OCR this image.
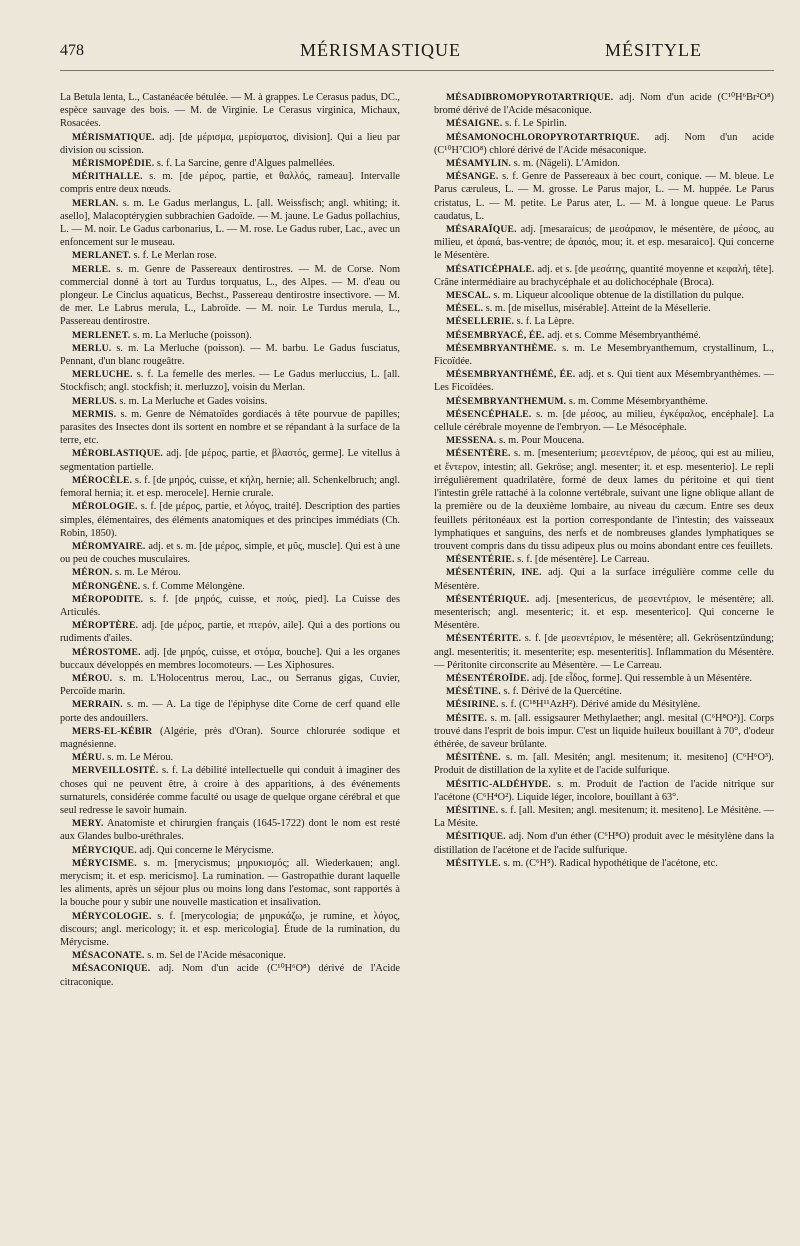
478	MÉRISMASTIQUE	MÉSITYLE

La Betula lenta, L., Castanéacée bétulée. — M. à grappes. Le Cerasus padus, DC., espèce sauvage des bois. — M. de Virginie. Le Cerasus virginica, Michaux, Rosacées.

MÉRISMATIQUE. adj. [de μέρισμα, μερίσματος, division]. Qui a lieu par division ou scission.

MÉRISMOPÉDIE. s. f. La Sarcine, genre d'Algues palmellées.

MÉRITHALLE. s. m. [de μέρος, partie, et θαλλός, rameau]. Intervalle compris entre deux nœuds.

MERLAN. s. m. Le Gadus merlangus, L. [all. Weissfisch; angl. whiting; it. asello], Malacoptérygien subbrachien Gadoïde. — M. jaune. Le Gadus pollachius, L. — M. noir. Le Gadus carbonarius, L. — M. rose. Le Gadus ruber, Lac., avec un enfoncement sur le museau.

MERLANET. s. f. Le Merlan rose.

MERLE. s. m. Genre de Passereaux dentirostres. — M. de Corse. Nom commercial donné à tort au Turdus torquatus, L., des Alpes. — M. d'eau ou plongeur. Le Cinclus aquaticus, Bechst., Passereau dentirostre insectivore. — M. de mer. Le Labrus merula, L., Labroïde. — M. noir. Le Turdus merula, L., Passereau dentirostre.

MERLENET. s. m. La Merluche (poisson).

MERLU. s. m. La Merluche (poisson). — M. barbu. Le Gadus fusciatus, Pennant, d'un blanc rougeâtre.

MERLUCHE. s. f. La femelle des merles. — Le Gadus merluccius, L. [all. Stockfisch; angl. stockfish; it. merluzzo], voisin du Merlan.

MERLUS. s. m. La Merluche et Gades voisins.

MERMIS. s. m. Genre de Nématoïdes gordiacés à tête pourvue de papilles; parasites des Insectes dont ils sortent en nombre et se répandant à la surface de la terre, etc.

MÉROBLASTIQUE. adj. [de μέρος, partie, et βλαστός, germe]. Le vitellus à segmentation partielle.

MÉROCÈLE. s. f. [de μηρός, cuisse, et κήλη, hernie; all. Schenkelbruch; angl. femoral hernia; it. et esp. merocele]. Hernie crurale.

MÉROLOGIE. s. f. [de μέρος, partie, et λόγος, traité]. Description des parties simples, élémentaires, des éléments anatomiques et des principes immédiats (Ch. Robin, 1850).

MÉROMYAIRE. adj. et s. m. [de μέρος, simple, et μῦς, muscle]. Qui est à une ou peu de couches musculaires.

MÉRON. s. m. Le Mérou.

MÉRONGÈNE. s. f. Comme Mélongène.

MÉROPODITE. s. f. [de μηρός, cuisse, et πούς, pied]. La Cuisse des Articulés.

MÉROPTÈRE. adj. [de μέρος, partie, et πτερόν, aile]. Qui a des portions ou rudiments d'ailes.

MÉROSTOME. adj. [de μηρός, cuisse, et στόμα, bouche]. Qui a les organes buccaux développés en membres locomoteurs. — Les Xiphosures.

MÉROU. s. m. L'Holocentrus merou, Lac., ou Serranus gigas, Cuvier, Percoïde marin.

MERRAIN. s. m. — A. La tige de l'épiphyse dite Corne de cerf quand elle porte des andouillers.

MERS-EL-KÉBIR (Algérie, près d'Oran). Source chlorurée sodique et magnésienne.

MÉRU. s. m. Le Mérou.

MERVEILLOSITÉ. s. f. La débilité intellectuelle qui conduit à imaginer des choses qui ne peuvent être, à croire à des apparitions, à des événements surnaturels, considérée comme faculté ou usage de quelque organe cérébral et que seul redresse le savoir humain.

MERY. Anatomiste et chirurgien français (1645-1722) dont le nom est resté aux Glandes bulbo-uréthrales.

MÉRYCIQUE. adj. Qui concerne le Mérycisme.

MÉRYCISME. s. m. [merycismus; μηρυκισμός; all. Wiederkauen; angl. merycism; it. et esp. mericismo]. La rumination. — Gastropathie durant laquelle les aliments, après un séjour plus ou moins long dans l'estomac, sont rapportés à la bouche pour y subir une nouvelle mastication et insalivation.

MÉRYCOLOGIE. s. f. [merycologia; de μηρυκάζω, je rumine, et λόγος, discours; angl. mericology; it. et esp. mericologia]. Étude de la rumination, du Mérycisme.

MÉSACONATE. s. m. Sel de l'Acide mésaconique.

MÉSACONIQUE. adj. Nom d'un acide (C¹⁰H⁶O⁸) dérivé de l'Acide citraconique.

MÉSADIBROMOPYROTARTRIQUE. adj. Nom d'un acide (C¹⁰H⁶Br²O⁸) bromé dérivé de l'Acide mésaconique.

MÉSAIGNE. s. f. Le Spirlin.

MÉSAMONOCHLOROPYROTARTRIQUE. adj. Nom d'un acide (C¹⁰H⁷ClO⁸) chloré dérivé de l'Acide mésaconique.

MÉSAMYLIN. s. m. (Nägeli). L'Amidon.

MÉSANGE. s. f. Genre de Passereaux à bec court, conique. — M. bleue. Le Parus cæruleus, L. — M. grosse. Le Parus major, L. — M. huppée. Le Parus cristatus, L. — M. petite. Le Parus ater, L. — M. à longue queue. Le Parus caudatus, L.

MÉSARAÏQUE. adj. [mesaraicus; de μεσάραιον, le mésentère, de μέσος, au milieu, et ἀραιά, bas-ventre; de ἀραιός, mou; it. et esp. mesaraico]. Qui concerne le Mésentère.

MÉSATICÉPHALE. adj. et s. [de μεσάτης, quantité moyenne et κεφαλή, tête]. Crâne intermédiaire au brachycéphale et au dolichocéphale (Broca).

MESCAL. s. m. Liqueur alcoolique obtenue de la distillation du pulque.

MÉSEL. s. m. [de misellus, misérable]. Atteint de la Mésellerie.

MÉSELLERIE. s. f. La Lèpre.

MÉSEMBRYACÉ, ÉE. adj. et s. Comme Mésembryanthémé.

MÉSEMBRYANTHÈME. s. m. Le Mesembryanthemum, crystallinum, L., Ficoïdée.

MÉSEMBRYANTHÉMÉ, ÉE. adj. et s. Qui tient aux Mésembryanthèmes. — Les Ficoïdées.

MÉSEMBRYANTHEMUM. s. m. Comme Mésembryanthème.

MÉSENCÉPHALE. s. m. [de μέσος, au milieu, ἐγκέφαλος, encéphale]. La cellule cérébrale moyenne de l'embryon. — Le Mésocéphale.

MESSENA. s. m. Pour Moucena.

MÉSENTÈRE. s. m. [mesenterium; μεσεντέριον, de μέσος, qui est au milieu, et ἔντερον, intestin; all. Gekröse; angl. mesenter; it. et esp. mesenterio]. Le repli irrégulièrement quadrilatère, formé de deux lames du péritoine et qui tient l'intestin grêle rattaché à la colonne vertébrale, suivant une ligne oblique allant de la première ou de la deuxième lombaire, au niveau du cæcum. Entre ses deux feuillets péritonéaux est la portion correspondante de l'intestin; des vaisseaux lymphatiques et sanguins, des nerfs et de nombreuses glandes lymphatiques se trouvent compris dans du tissu adipeux plus ou moins abondant entre ces feuillets.

MÉSENTÉRIE. s. f. [de mésentère]. Le Carreau.

MÉSENTÉRIN, INE. adj. Qui a la surface irrégulière comme celle du Mésentère.

MÉSENTÉRIQUE. adj. [mesentericus, de μεσεντέριον, le mésentère; all. mesenterisch; angl. mesenteric; it. et esp. mesenterico]. Qui concerne le Mésentère.

MÉSENTÉRITE. s. f. [de μεσεντέριον, le mésentère; all. Gekrösentzündung; angl. mesenteritis; it. mesenterite; esp. mesenteritis]. Inflammation du Mésentère. — Péritonite circonscrite au Mésentère. — Le Carreau.

MÉSENTÉROÏDE. adj. [de εἶδος, forme]. Qui ressemble à un Mésentère.

MÉSÉTINE. s. f. Dérivé de la Quercétine.

MÉSIRINE. s. f. (C¹⁸H¹¹AzH²). Dérivé amide du Mésitylène.

MÉSITE. s. m. [all. essigsaurer Methylaether; angl. mesital (C⁶H⁸O²)]. Corps trouvé dans l'esprit de bois impur. C'est un liquide huileux bouillant à 70°, d'odeur éthérée, de saveur brûlante.

MÉSITÈNE. s. m. [all. Mesitén; angl. mesitenum; it. mesiteno] (C⁶H⁶O³). Produit de distillation de la xylite et de l'acide sulfurique.

MÉSITIC-ALDÉHYDE. s. m. Produit de l'action de l'acide nitrique sur l'acétone (C⁶H⁴O²). Liquide léger, incolore, bouillant à 63°.

MÉSITINE. s. f. [all. Mesiten; angl. mesitenum; it. mesiteno]. Le Mésitène. — La Mésite.

MÉSITIQUE. adj. Nom d'un éther (C⁶H⁸O) produit avec le mésitylène dans la distillation de l'acétone et de l'acide sulfurique.

MÉSITYLE. s. m. (C⁶H⁵). Radical hypothétique de l'acétone, etc.
